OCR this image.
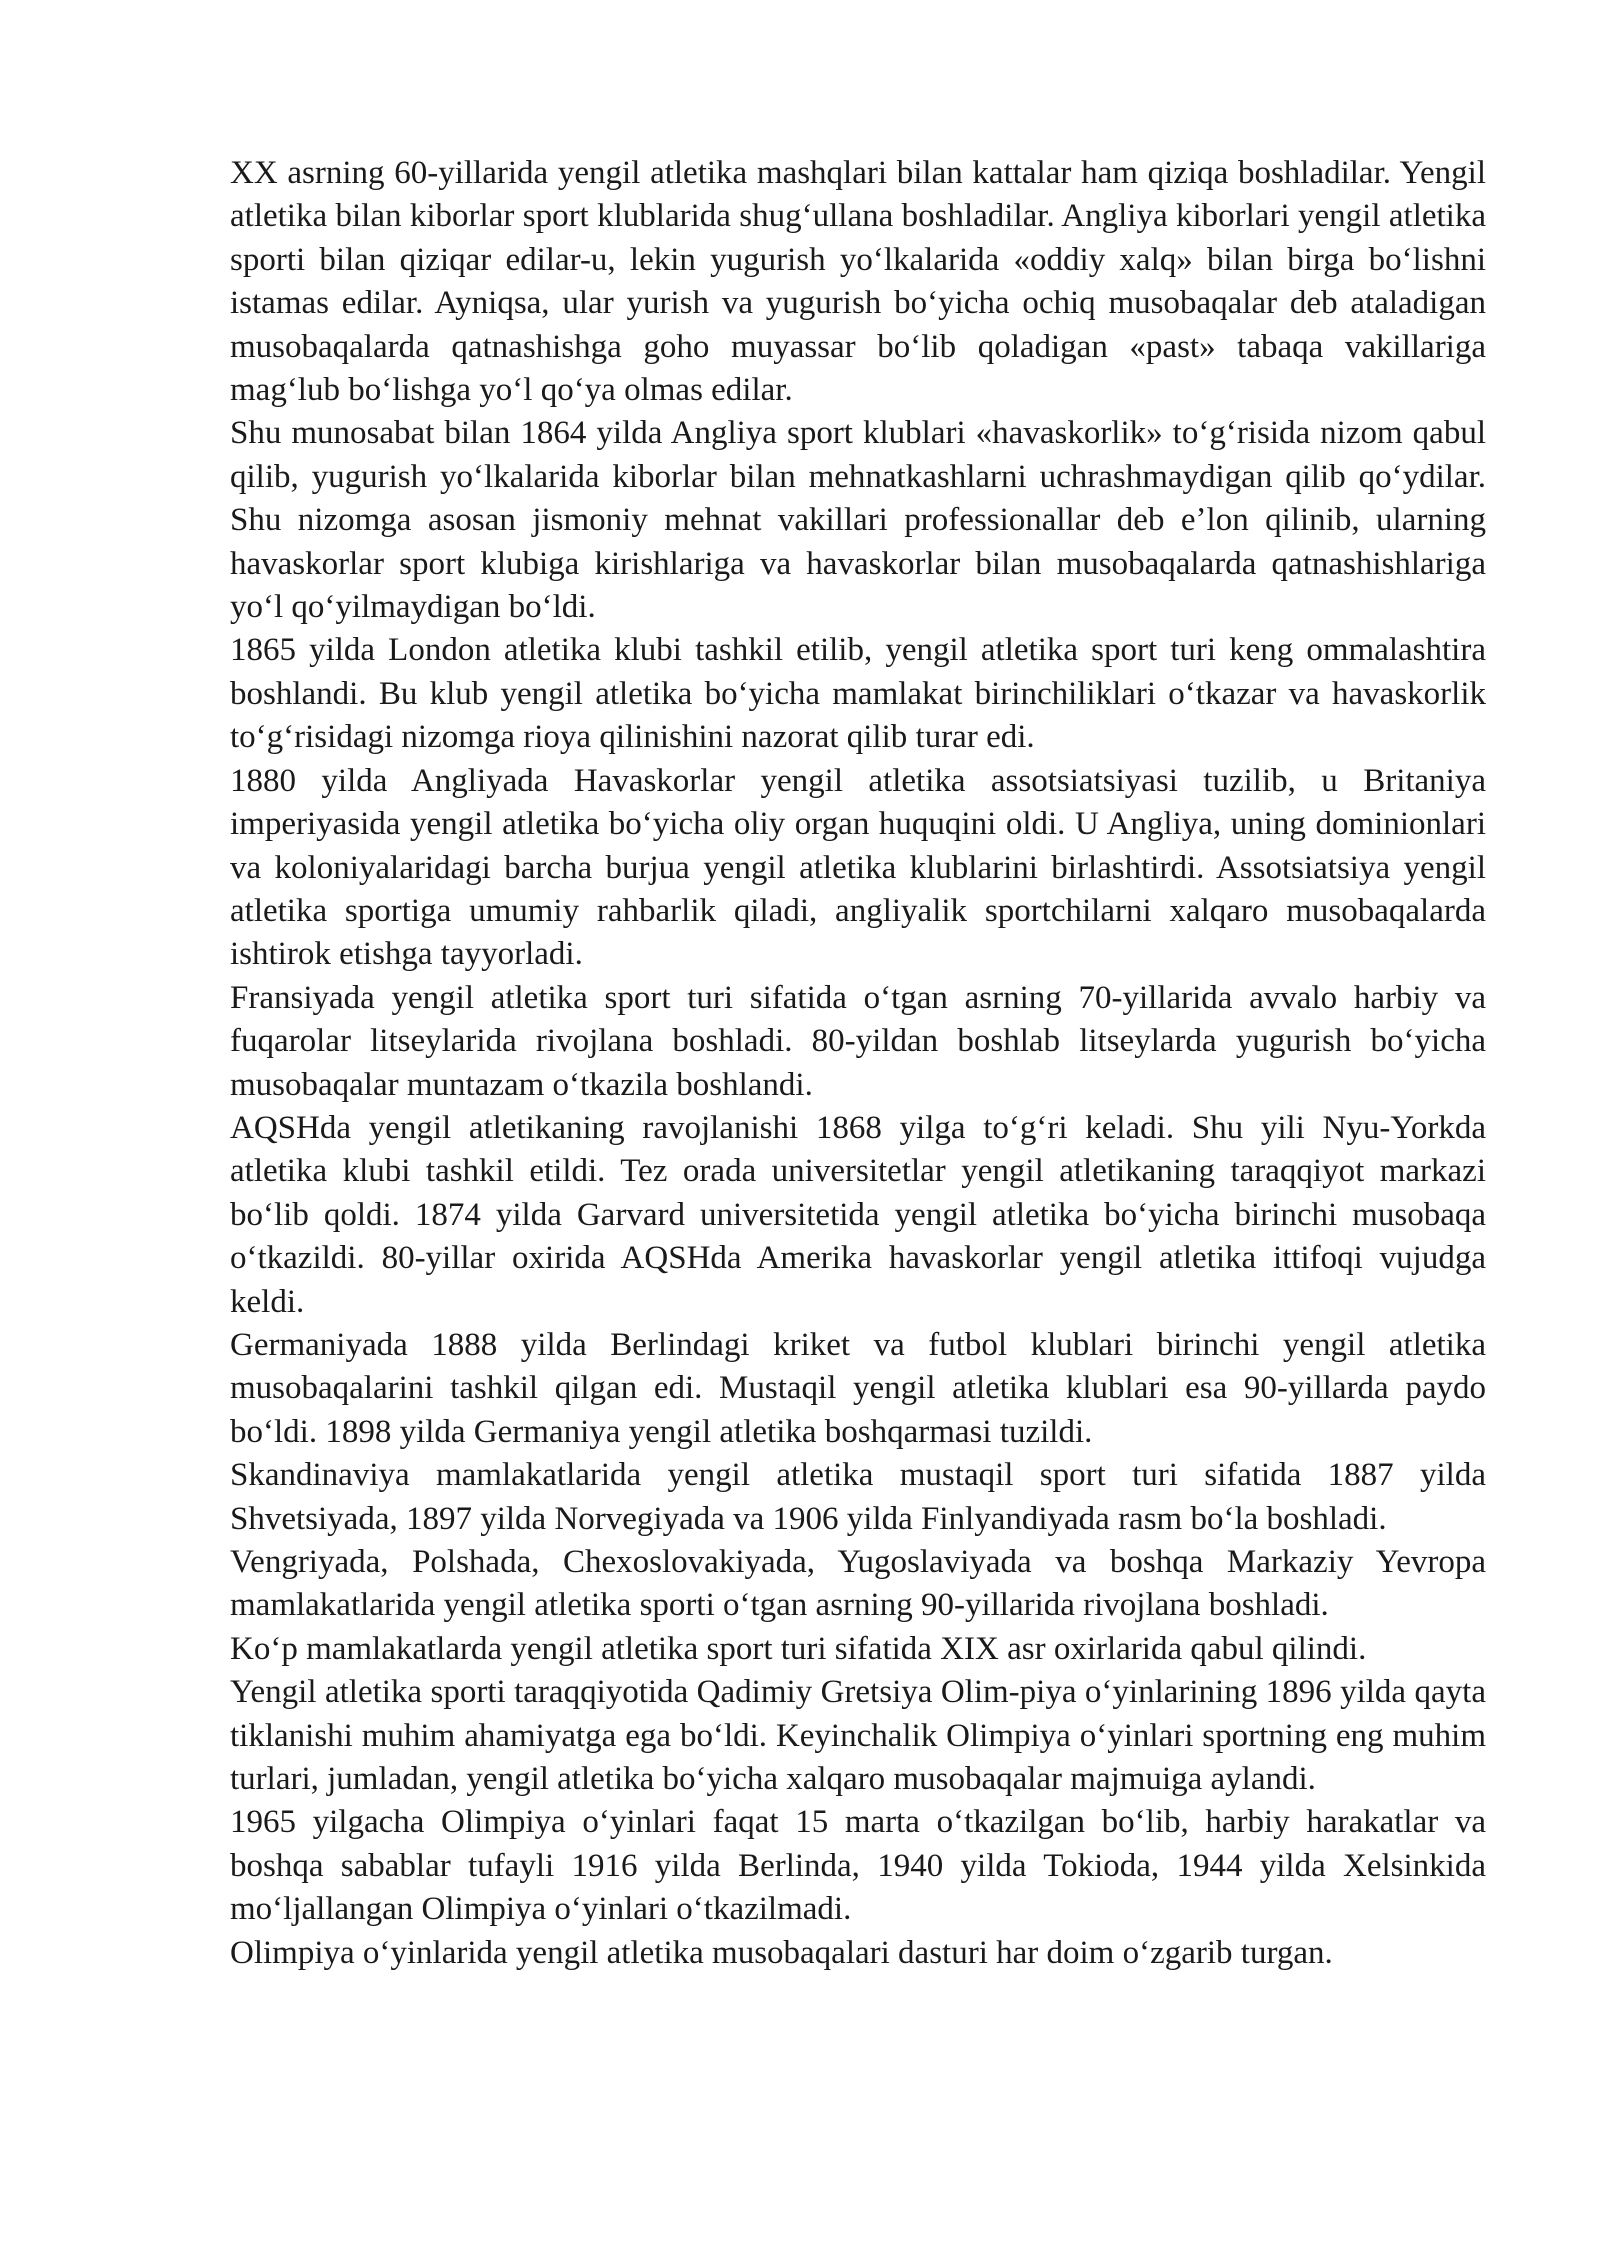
XX asrning 60-yillarida yengil atletika mashqlari bilan kattalar ham qiziqa boshladilar. Yengil atletika bilan kiborlar sport klublarida shugʻullana boshladilar. Angliya kiborlari yengil atletika sporti bilan qiziqar edilar-u, lekin yugurish yoʻlkalarida «oddiy xalq» bilan birga boʻlishni istamas edilar. Ayniqsa, ular yurish va yugurish boʻyicha ochiq musobaqalar deb ataladigan musobaqalarda qatnashishga goho muyassar boʻlib qoladigan «past» tabaqa vakillariga magʻlub boʻlishga yoʻl qoʻya olmas edilar.

Shu munosabat bilan 1864 yilda Angliya sport klublari «havaskorlik» toʻgʻrisida nizom qabul qilib, yugurish yoʻlkalarida kiborlar bilan mehnatkashlarni uchrashmaydigan qilib qoʻydilar. Shu nizomga asosan jismoniy mehnat vakillari professionallar deb eʼlon qilinib, ularning havaskorlar sport klubiga kirishlariga va havaskorlar bilan musobaqalarda qatnashishlariga yoʻl qoʻyilmaydigan boʻldi.

1865 yilda London atletika klubi tashkil etilib, yengil atletika sport turi keng ommalashtira boshlandi. Bu klub yengil atletika boʻyicha mamlakat birinchiliklari oʻtkazar va havaskorlik toʻgʻrisidagi nizomga rioya qilinishini nazorat qilib turar edi.

1880 yilda Angliyada Havaskorlar yengil atletika assotsiatsiyasi tuzilib, u Britaniya imperiyasida yengil atletika boʻyicha oliy organ huquqini oldi. U Angliya, uning dominionlari va koloniyalaridagi barcha burjua yengil atletika klublarini birlashtirdi. Assotsiatsiya yengil atletika sportiga umumiy rahbarlik qiladi, angliyalik sportchilarni xalqaro musobaqalarda ishtirok etishga tayyorladi.

Fransiyada yengil atletika sport turi sifatida oʻtgan asrning 70-yillarida avvalo harbiy va fuqarolar litseylarida rivojlana boshladi. 80-yildan boshlab litseylarda yugurish boʻyicha musobaqalar muntazam oʻtkazila boshlandi.

AQSHda yengil atletikaning ravojlanishi 1868 yilga toʻgʻri keladi. Shu yili Nyu-Yorkda atletika klubi tashkil etildi. Tez orada universitetlar yengil atletikaning taraqqiyot markazi boʻlib qoldi. 1874 yilda Garvard universitetida yengil atletika boʻyicha birinchi musobaqa oʻtkazildi. 80-yillar oxirida AQSHda Amerika havaskorlar yengil atletika ittifoqi vujudga keldi.

Germaniyada 1888 yilda Berlindagi kriket va futbol klublari birinchi yengil atletika musobaqalarini tashkil qilgan edi. Mustaqil yengil atletika klublari esa 90-yillarda paydo boʻldi. 1898 yilda Germaniya yengil atletika boshqarmasi tuzildi.

Skandinaviya mamlakatlarida yengil atletika mustaqil sport turi sifatida 1887 yilda Shvetsiyada, 1897 yilda Norvegiyada va 1906 yilda Finlyandiyada rasm boʻla boshladi.

Vengriyada, Polshada, Chexoslovakiyada, Yugoslaviyada va boshqa Markaziy Yevropa mamlakatlarida yengil atletika sporti oʻtgan asrning 90-yillarida rivojlana boshladi.

Koʻp mamlakatlarda yengil atletika sport turi sifatida XIX asr oxirlarida qabul qilindi.

Yengil atletika sporti taraqqiyotida Qadimiy Gretsiya Olim-piya oʻyinlarining 1896 yilda qayta tiklanishi muhim ahamiyatga ega boʻldi. Keyinchalik Olimpiya oʻyinlari sportning eng muhim turlari, jumladan, yengil atletika boʻyicha xalqaro musobaqalar majmuiga aylandi.

1965 yilgacha Olimpiya oʻyinlari faqat 15 marta oʻtkazilgan boʻlib, harbiy harakatlar va boshqa sabablar tufayli 1916 yilda Berlinda, 1940 yilda Tokioda, 1944 yilda Xelsinkida moʻljallangan Olimpiya oʻyinlari oʻtkazilmadi.

Olimpiya oʻyinlarida yengil atletika musobaqalari dasturi har doim oʻzgarib turgan.
